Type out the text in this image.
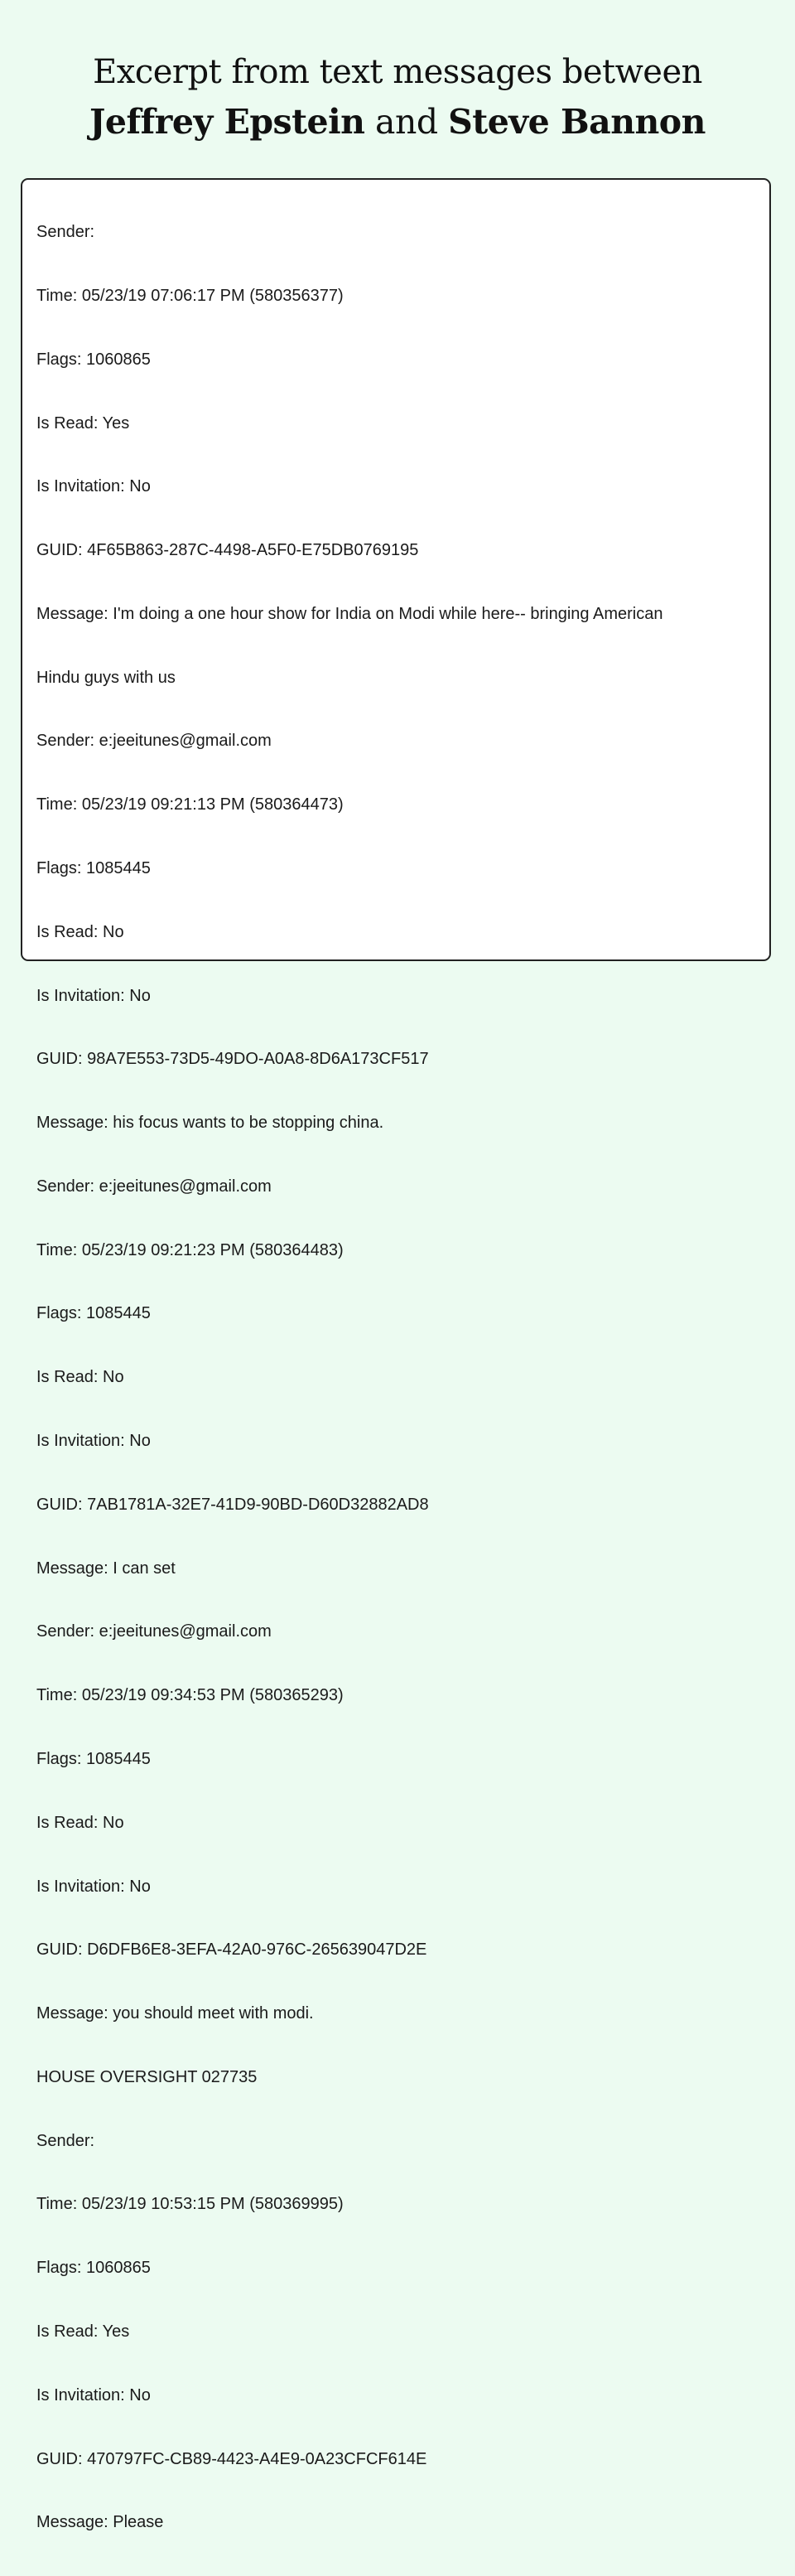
Excerpt from text messages between
Jeffrey Epstein and Steve Bannon

Sender:

Time: 05/23/19 07:06:17 PM (580356377)

Flags: 1060865

Is Read: Yes

Is Invitation: No

GUID: 4F65B863-287C-4498-A5F0-E75DB0769195

Message: I'm doing a one hour show for India on Modi while here-- bringing American

Hindu guys with us

Sender: e:jeeitunes@gmail.com

Time: 05/23/19 09:21:13 PM (580364473)

Flags: 1085445

Is Read: No

Is Invitation: No

GUID: 98A7E553-73D5-49DO-A0A8-8D6A173CF517

Message: his focus wants to be stopping china.

Sender: e:jeeitunes@gmail.com

Time: 05/23/19 09:21:23 PM (580364483)

Flags: 1085445

Is Read: No

Is Invitation: No

GUID: 7AB1781A-32E7-41D9-90BD-D60D32882AD8

Message: I can set

Sender: e:jeeitunes@gmail.com

Time: 05/23/19 09:34:53 PM (580365293)

Flags: 1085445

Is Read: No

Is Invitation: No

GUID: D6DFB6E8-3EFA-42A0-976C-265639047D2E

Message: you should meet with modi.

HOUSE OVERSIGHT 027735

Sender:

Time: 05/23/19 10:53:15 PM (580369995)

Flags: 1060865

Is Read: Yes

Is Invitation: No

GUID: 470797FC-CB89-4423-A4E9-0A23CFCF614E

Message: Please
